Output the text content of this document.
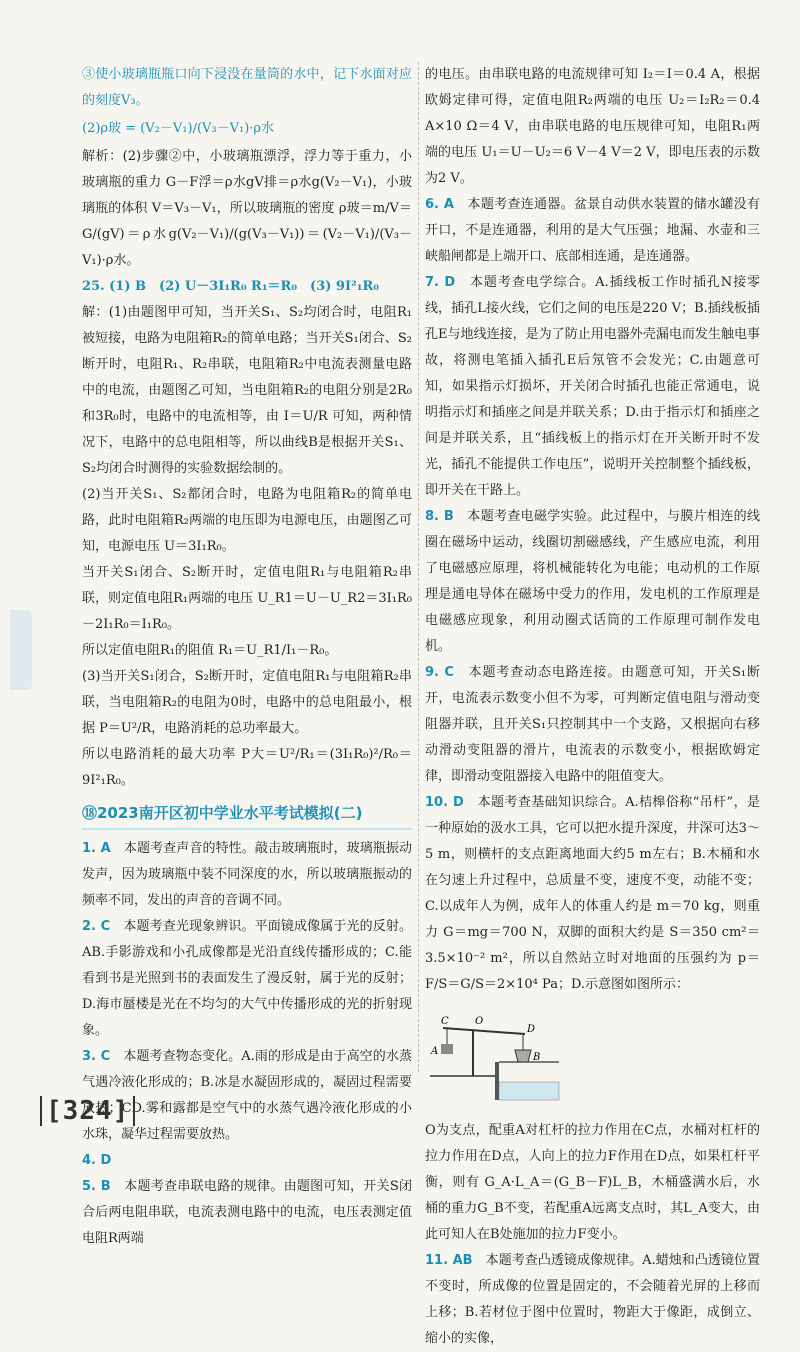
③使小玻璃瓶瓶口向下浸没在量筒的水中，记下水面对应的刻度V₃。

(2)ρ玻 = (V₂－V₁)/(V₃－V₁)·ρ水

解析：(2)步骤②中，小玻璃瓶漂浮，浮力等于重力，小玻璃瓶的重力 G－F浮＝ρ水gV排＝ρ水g(V₂－V₁)，小玻璃瓶的体积 V＝V₃－V₁，所以玻璃瓶的密度 ρ玻＝m/V＝G/(gV)＝ρ水g(V₂－V₁)/(g(V₃－V₁))＝(V₂－V₁)/(V₃－V₁)·ρ水。

25. (1) B　(2) U－3I₁R₀ R₁＝R₀　(3) 9I²₁R₀

解：(1)由题图甲可知，当开关S₁、S₂均闭合时，电阻R₁被短接，电路为电阻箱R₂的简单电路；当开关S₁闭合、S₂断开时，电阻R₁、R₂串联，电阻箱R₂中电流表测量电路中的电流，由题图乙可知，当电阻箱R₂的电阻分别是2R₀和3R₀时，电路中的电流相等，由 I＝U/R 可知，两种情况下，电路中的总电阻相等，所以曲线B是根据开关S₁、S₂均闭合时测得的实验数据绘制的。

(2)当开关S₁、S₂都闭合时，电路为电阻箱R₂的简单电路，此时电阻箱R₂两端的电压即为电源电压，由题图乙可知，电源电压 U＝3I₁R₀。

当开关S₁闭合、S₂断开时，定值电阻R₁与电阻箱R₂串联，则定值电阻R₁两端的电压 U_R1＝U－U_R2＝3I₁R₀－2I₁R₀＝I₁R₀。

所以定值电阻R₁的阻值 R₁＝U_R1/I₁－R₀。

(3)当开关S₁闭合，S₂断开时，定值电阻R₁与电阻箱R₂串联，当电阻箱R₂的电阻为0时，电路中的总电阻最小，根据 P＝U²/R，电路消耗的总功率最大。

所以电路消耗的最大功率 P大＝U²/R₁＝(3I₁R₀)²/R₀＝9I²₁R₀。

⑱2023南开区初中学业水平考试模拟(二)

1. A　 本题考查声音的特性。敲击玻璃瓶时，玻璃瓶振动发声，因为玻璃瓶中装不同深度的水，所以玻璃瓶振动的频率不同，发出的声音的音调不同。

2. C　 本题考查光现象辨识。平面镜成像属于光的反射。AB.手影游戏和小孔成像都是光沿直线传播形成的；C.能看到书是光照到书的表面发生了漫反射，属于光的反射；D.海市蜃楼是光在不均匀的大气中传播形成的光的折射现象。

3. C　 本题考查物态变化。A.雨的形成是由于高空的水蒸气遇冷液化形成的；B.冰是水凝固形成的，凝固过程需要放热；CD.雾和露都是空气中的水蒸气遇冷液化形成的小水珠，凝华过程需要放热。

4. D

5. B　 本题考查串联电路的规律。由题图可知，开关S闭合后两电阻串联，电流表测电路中的电流，电压表测定值电阻R两端

的电压。由串联电路的电流规律可知 I₂＝I＝0.4 A，根据欧姆定律可得，定值电阻R₂两端的电压 U₂＝I₂R₂＝0.4 A×10 Ω＝4 V，由串联电路的电压规律可知，电阻R₁两端的电压 U₁＝U－U₂＝6 V－4 V＝2 V，即电压表的示数为2 V。

6. A　 本题考查连通器。盆景自动供水装置的储水罐没有开口，不是连通器，利用的是大气压强；地漏、水壶和三峡船闸都是上端开口、底部相连通，是连通器。

7. D　 本题考查电学综合。A.插线板工作时插孔N接零线，插孔L接火线，它们之间的电压是220 V；B.插线板插孔E与地线连接，是为了防止用电器外壳漏电而发生触电事故，将测电笔插入插孔E后氖管不会发光；C.由题意可知，如果指示灯损坏，开关闭合时插孔也能正常通电，说明指示灯和插座之间是并联关系；D.由于指示灯和插座之间是并联关系，且“插线板上的指示灯在开关断开时不发光，插孔不能提供工作电压”，说明开关控制整个插线板，即开关在干路上。

8. B　 本题考查电磁学实验。此过程中，与膜片相连的线圈在磁场中运动，线圈切割磁感线，产生感应电流，利用了电磁感应原理，将机械能转化为电能；电动机的工作原理是通电导体在磁场中受力的作用，发电机的工作原理是电磁感应现象，利用动圈式话筒的工作原理可制作发电机。

9. C　 本题考查动态电路连接。由题意可知，开关S₁断开，电流表示数变小但不为零，可判断定值电阻与滑动变阻器并联，且开关S₁只控制其中一个支路，又根据向右移动滑动变阻器的滑片，电流表的示数变小，根据欧姆定律，即滑动变阻器接入电路中的阻值变大。

10. D　 本题考查基础知识综合。A.桔槔俗称“吊杆”，是一种原始的汲水工具，它可以把水提升深度，井深可达3～5 m，则横杆的支点距离地面大约5 m左右；B.木桶和水在匀速上升过程中，总质量不变，速度不变，动能不变；C.以成年人为例，成年人的体重人约是 m＝70 kg，则重力 G＝mg＝700 N，双脚的面积大约是 S＝350 cm²＝3.5×10⁻² m²，所以自然站立时对地面的压强约为 p＝F/S＝G/S＝2×10⁴ Pa；D.示意图如图所示：

C	O
D
A
B

O为支点，配重A对杠杆的拉力作用在C点，水桶对杠杆的拉力作用在D点，人向上的拉力F作用在D点，如果杠杆平衡，则有 G_A·L_A＝(G_B－F)L_B，木桶盛满水后，水桶的重力G_B不变，若配重A远离支点时，其L_A变大，由此可知人在B处施加的拉力F变小。

11. AB　 本题考查凸透镜成像规律。A.蜡烛和凸透镜位置不变时，所成像的位置是固定的，不会随着光屏的上移而上移；B.若材位于图中位置时，物距大于像距，成倒立、缩小的实像，

[324]
